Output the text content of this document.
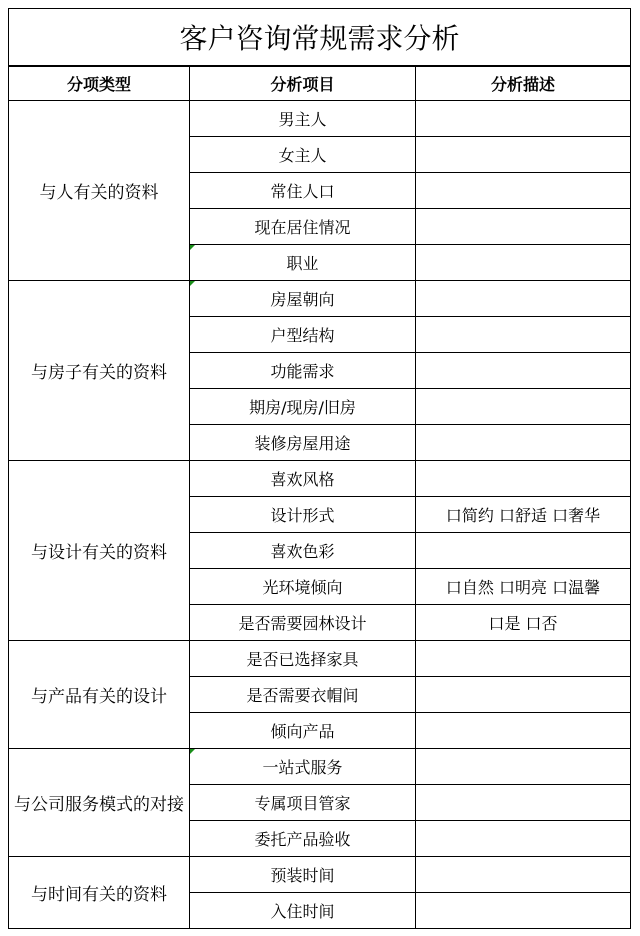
客户咨询常规需求分析		
分项类型	分析项目	分析描述
与人有关的资料	男主人	
	女主人	
	常住人口	
	现在居住情况	
	职业	
与房子有关的资料	房屋朝向	
	户型结构	
	功能需求	
	期房/现房/旧房	
	装修房屋用途	
与设计有关的资料	喜欢风格	
	设计形式	口简约 口舒适 口奢华
	喜欢色彩	
	光环境倾向	口自然 口明亮 口温馨
	是否需要园林设计	口是 口否
与产品有关的设计	是否已选择家具	
	是否需要衣帽间	
	倾向产品	
与公司服务模式的对接	一站式服务	
	专属项目管家	
	委托产品验收	
与时间有关的资料	预装时间	
	入住时间	
